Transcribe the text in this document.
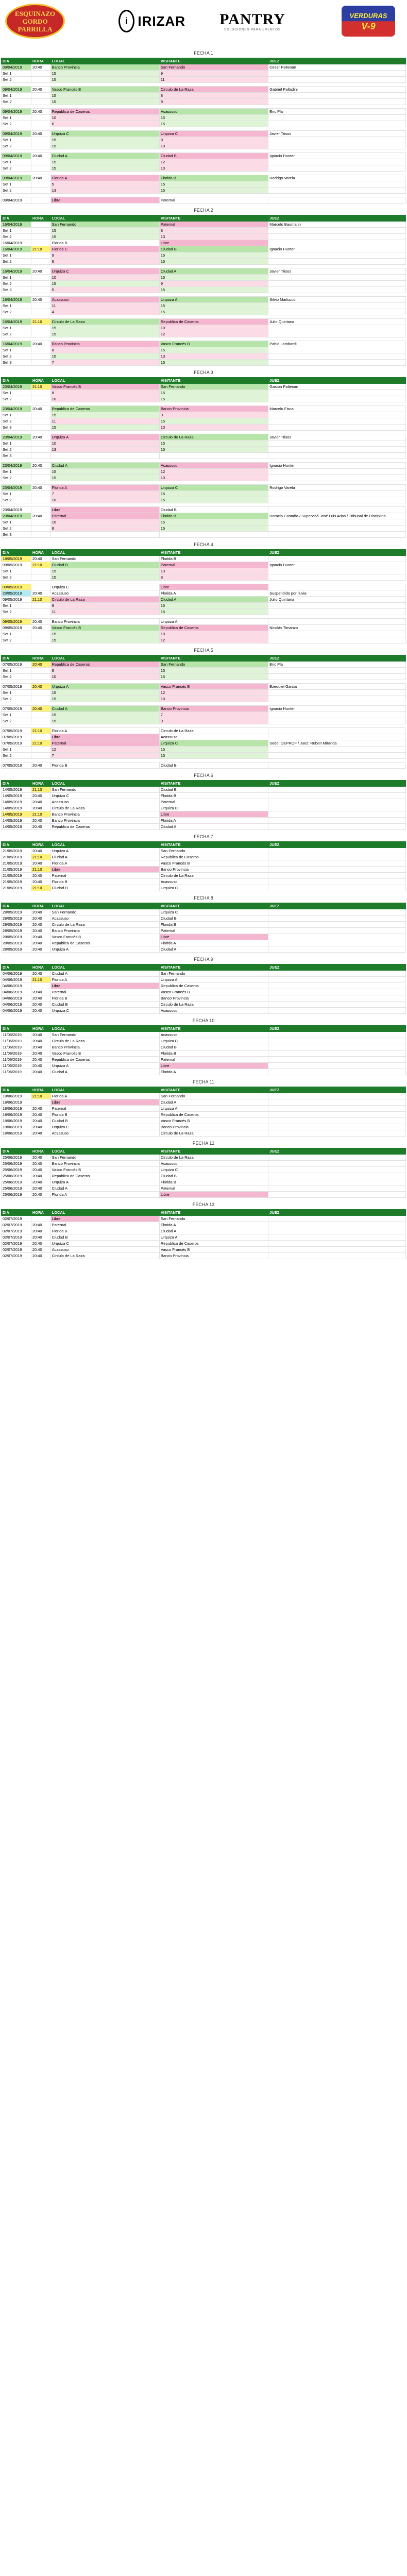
ESQUINAZO
GORDO
PARRILLA
i IRIZAR PANTRY
SOLUCIONES PARA EVENTOS
VERDURAS
V-9
FECHA 1
DIA	HORA	LOCAL	VISITANTE	JUEZ
09/04/2019	20:40	Banco Provincia	San Fernando	Cesar Paltenan
Set 1		15	9	
Set 2		15	11	

09/04/2019	20:40	Vasco Francés B	Circulo de La Raza	Gabriel Palladini
Set 1		15	8	
Set 2		15	9	

09/04/2019	20:40	Republica de Caseros	Acassuso	Eric Pla
Set 1		10	15	
Set 2		6	15	

09/04/2019	20:40	Urquiza C	Urquiza C	Javier Trisos
Set 1		15	8	
Set 2		15	10	

09/04/2019	20:40	Ciudad A	Ciudad B	Ignacio Hunter
Set 1		15	12	
Set 2		15	10	

09/04/2019	20:40	Florida A	Florida B	Rodrigo Varela
Set 1		5	15	
Set 2		13	15	

09/04/2019		Libre	Paternal	
FECHA 2
DIA	HORA	LOCAL	VISITANTE	JUEZ
16/04/2019		San Fernando	Paternal	Marcelo Baumann
Set 1		15	8	
Set 2		15	13	
16/04/2019		Florida B	Libre	
16/04/2019	21:10	Florida C	Ciudad B	Ignacio Hunter
Set 1		9	15	
Set 2		6	15	

16/04/2019	20:40	Urquiza C	Ciudad A	Javier Trisos
Set 1		10	15	
Set 2		15	9	
Set 3		5	15	

16/04/2019	20:40	Acassuso	Urquiza A	Silvio Marlucco
Set 1		11	15	
Set 2		4	15	

16/04/2019	21:10	Circulo de La Raza	Republica de Caseros	Julio Quintana
Set 1		15	10	
Set 2		15	12	

16/04/2019	20:40	Banco Provincia	Vasco Francés B	Pablo Lambardi
Set 1		8	15	
Set 2		15	13	
Set 3		7	15	
FECHA 3
DIA	HORA	LOCAL	VISITANTE	JUEZ
23/04/2019	21:10	Vasco Francés B	San Fernando	Gaston Paltenan
Set 1		8	15	
Set 2		10	15	

23/04/2019	20:40	Republica de Caseros	Banco Provincia	Marcelo Fisca
Set 1		15	9	
Set 2		11	15	
Set 3		15	10	

23/04/2019	20:40	Urquiza A	Circulo de La Raza	Javier Trisos
Set 1		10	15	
Set 2		13	15	
Set 3				

23/04/2019	20:40	Ciudad A	Acassuso	Ignacio Hunter
Set 1		15	12	
Set 2		15	10	

23/04/2019	20:40	Florida A	Urquiza C	Rodrigo Varela
Set 1		7	15	
Set 2		10	15	

23/04/2019		Libre	Ciudad B	
23/04/2019	20:40	Paternal	Florida B	Horacio Castaño / Supervisó José Luis Arias / Tribunal de Disciplina
Set 1		10	15	
Set 2		8	15	
Set 3				
FECHA 4
DIA	HORA	LOCAL	VISITANTE	JUEZ
18/05/2019	20:40	San Fernando	Florida B	
09/05/2019	21:10	Ciudad B	Paternal	Ignacio Hunter
Set 1		15	13	
Set 2		15	8	

09/05/2019		Urquiza C	Libre	
23/05/2019	20:40	Acassuso	Florida A	Suspendido por lluvia
09/05/2019	21:10	Circulo de La Raza	Ciudad A	Julio Quintana
Set 1		9	15	
Set 2		11	15	

09/05/2019	20:40	Banco Provincia	Urquiza A	
09/05/2019	20:40	Vasco Francés B	Republica de Caseros	Nicolás Timanzo
Set 1		15	10	
Set 2		15	12	
FECHA 5
DIA	HORA	LOCAL	VISITANTE	JUEZ
07/05/2019	20:40	Republica de Caseros	San Fernando	Eric Pla
Set 1		9	15	
Set 2		10	15	

07/05/2019	20:40	Urquiza A	Vasco Francés B	Ezequiel Garcia
Set 1		15	12	
Set 2		15	10	

07/05/2019	20:40	Ciudad A	Banco Provincia	Ignacio Hunter
Set 1		15	7	
Set 2		15	9	

07/05/2019	21:10	Florida A	Circulo de La Raza	
07/05/2019		Libre	Acassuso	
07/05/2019	21:10	Paternal	Urquiza C	Sede: DEPROF / Juez: Ruben Miranda
Set 1		12	15	
Set 2		7	15	

07/05/2019	20:40	Florida B	Ciudad B	
FECHA 6
DIA	HORA	LOCAL	VISITANTE	JUEZ
14/05/2019	21:10	San Fernando	Ciudad B	
14/05/2019	20:40	Urquiza C	Florida B	
14/05/2019	20:40	Acassuso	Paternal	
14/05/2019	20:40	Circulo de La Raza	Urquiza C	
14/05/2019	21:10	Banco Provincia	Libre	
14/05/2019	20:40	Banco Provincia	Florida A	
14/05/2019	20:40	Republica de Caseros	Ciudad A	
FECHA 7
DIA	HORA	LOCAL	VISITANTE	JUEZ
21/05/2019	20:40	Urquiza A	San Fernando	
21/05/2019	21:10	Ciudad A	Republica de Caseros	
21/05/2019	20:40	Florida A	Vasco Francés B	
21/05/2019	21:10	Libre	Banco Provincia	
21/05/2019	20:40	Paternal	Circulo de La Raza	
21/05/2019	20:40	Florida B	Acassuso	
21/05/2019	21:10	Ciudad B	Urquiza C	
FECHA 8
DIA	HORA	LOCAL	VISITANTE	JUEZ
28/05/2019	20:40	San Fernando	Urquiza C	
28/05/2019	20:40	Acassuso	Ciudad B	
28/05/2019	20:40	Circulo de La Raza	Florida B	
28/05/2019	20:40	Banco Provincia	Paternal	
28/05/2019	20:40	Vasco Francés B	Libre	
28/05/2019	20:40	Republica de Caseros	Florida A	
28/05/2019	20:40	Urquiza A	Ciudad A	
FECHA 9
DIA	HORA	LOCAL	VISITANTE	JUEZ
04/06/2019	20:40	Ciudad A	San Fernando	
04/06/2019	21:10	Florida A	Urquiza A	
04/06/2019		Libre	Republica de Caseros	
04/06/2019	20:40	Paternal	Vasco Francés B	
04/06/2019	20:40	Florida B	Banco Provincia	
04/06/2019	20:40	Ciudad B	Circulo de La Raza	
04/06/2019	20:40	Urquiza C	Acassuso	
FECHA 10
DIA	HORA	LOCAL	VISITANTE	JUEZ
11/06/2019	20:40	San Fernando	Acassuso	
11/06/2019	20:40	Circulo de La Raza	Urquiza C	
11/06/2019	20:40	Banco Provincia	Ciudad B	
11/06/2019	20:40	Vasco Francés B	Florida B	
11/06/2019	20:40	Republica de Caseros	Paternal	
11/06/2019	20:40	Urquiza A	Libre	
11/06/2019	20:40	Ciudad A	Florida A	
FECHA 11
DIA	HORA	LOCAL	VISITANTE	JUEZ
18/06/2019	21:10	Florida A	San Fernando	
18/06/2019		Libre	Ciudad A	
18/06/2019	20:40	Paternal	Urquiza A	
18/06/2019	20:40	Florida B	Republica de Caseros	
18/06/2019	20:40	Ciudad B	Vasco Francés B	
18/06/2019	20:40	Urquiza C	Banco Provincia	
18/06/2019	20:40	Acassuso	Circulo de La Raza	
FECHA 12
DIA	HORA	LOCAL	VISITANTE	JUEZ
25/06/2019	20:40	San Fernando	Circulo de La Raza	
25/06/2019	20:40	Banco Provincia	Acassuso	
25/06/2019	20:40	Vasco Francés B	Urquiza C	
25/06/2019	20:40	Republica de Caseros	Ciudad B	
25/06/2019	20:40	Urquiza A	Florida B	
25/06/2019	20:40	Ciudad A	Paternal	
25/06/2019	20:40	Florida A	Libre	
FECHA 13
DIA	HORA	LOCAL	VISITANTE	JUEZ
02/07/2019		Libre	San Fernando	
02/07/2019	20:40	Paternal	Florida A	
02/07/2019	20:40	Florida B	Ciudad A	
02/07/2019	20:40	Ciudad B	Urquiza A	
02/07/2019	20:40	Urquiza C	Republica de Caseros	
02/07/2019	20:40	Acassuso	Vasco Francés B	
02/07/2019	20:40	Circulo de La Raza	Banco Provincia	
